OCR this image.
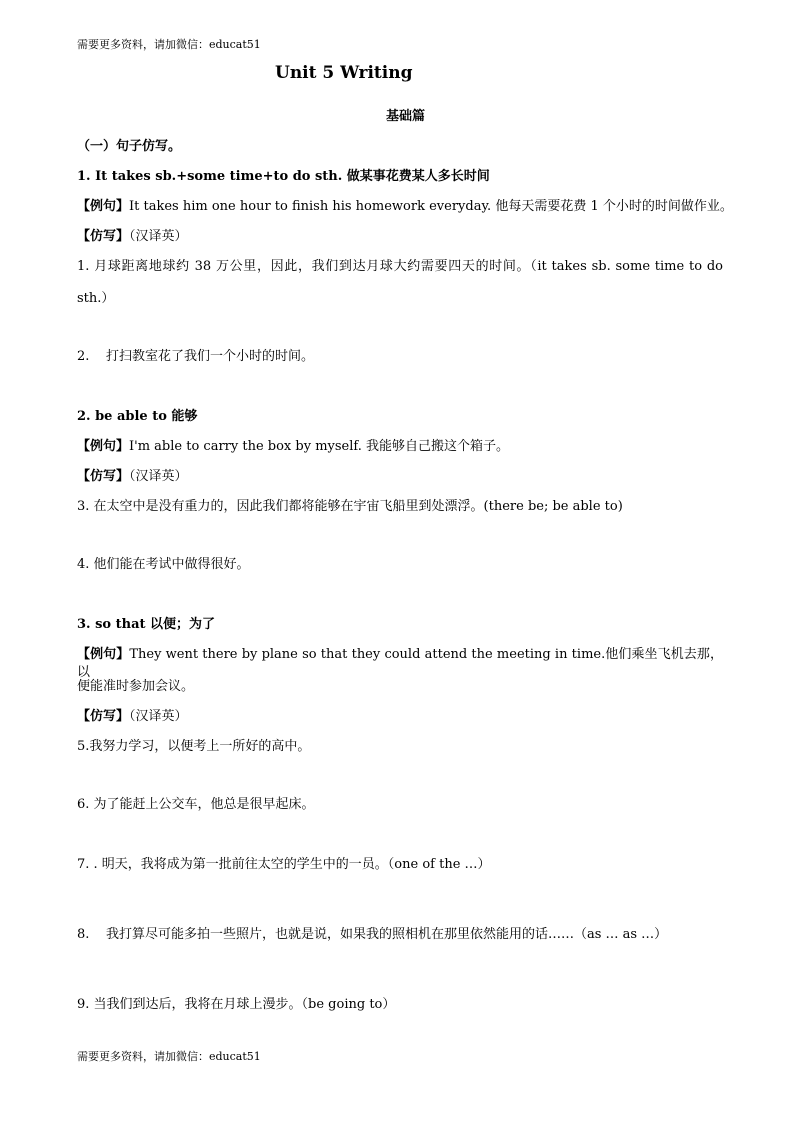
需要更多资料，请加微信：educat51
Unit 5 Writing
基础篇
（一）句子仿写。
1. It takes sb.+some time+to do sth. 做某事花费某人多长时间
【例句】It takes him one hour to finish his homework everyday. 他每天需要花费 1 个小时的时间做作业。
【仿写】（汉译英）
1. 月球距离地球约 38 万公里，因此，我们到达月球大约需要四天的时间。（it takes sb. some time to do
sth.）
2. 打扫教室花了我们一个小时的时间。
2. be able to 能够
【例句】I'm able to carry the box by myself. 我能够自己搬这个箱子。
【仿写】（汉译英）
3. 在太空中是没有重力的，因此我们都将能够在宇宙飞船里到处漂浮。(there be; be able to)
4. 他们能在考试中做得很好。
3. so that 以便；为了
【例句】They went there by plane so that they could attend the meeting in time.他们乘坐飞机去那，以
便能准时参加会议。
【仿写】（汉译英）
5.我努力学习，以便考上一所好的高中。
6. 为了能赶上公交车，他总是很早起床。
7. . 明天，我将成为第一批前往太空的学生中的一员。（one of the …）
8. 我打算尽可能多拍一些照片，也就是说，如果我的照相机在那里依然能用的话……（as … as …）
9. 当我们到达后，我将在月球上漫步。（be going to）
需要更多资料，请加微信：educat51
